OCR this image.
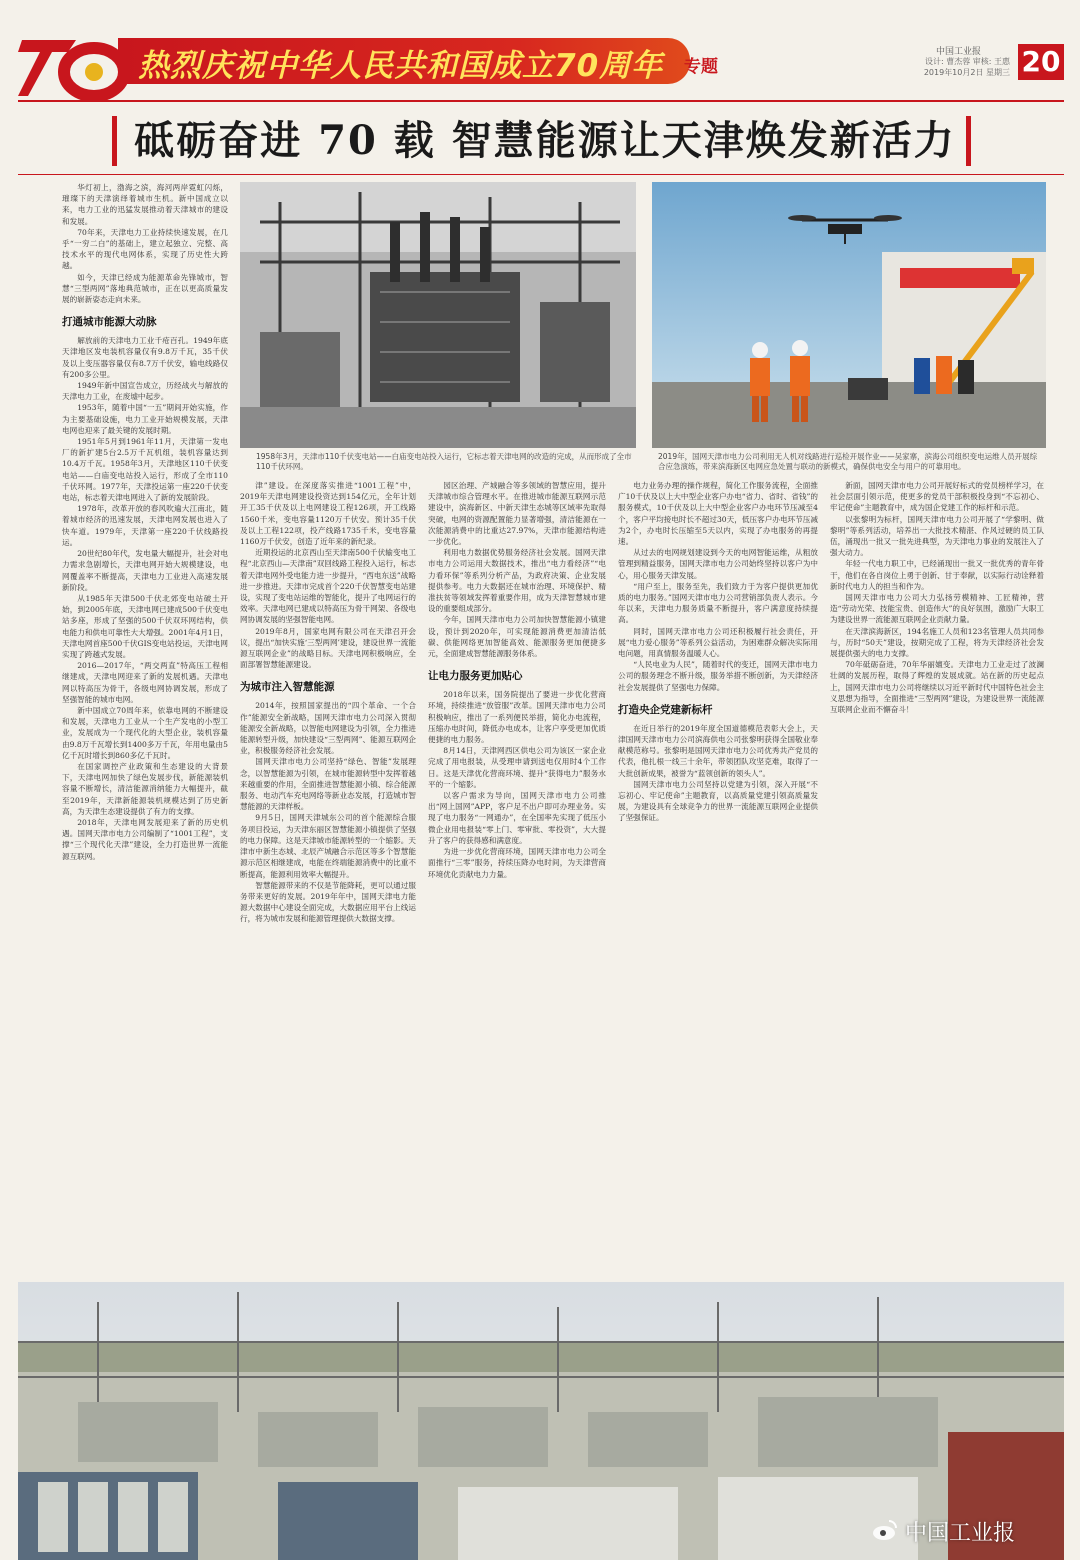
热烈庆祝中华人民共和国成立70周年 专题
中国工业报
设计: 曹杰蓉 审核: 王惠
2019年10月2日 星期三 20
砥砺奋进 70 载 智慧能源让天津焕发新活力
1958年3月，天津市110千伏变电站——白庙变电站投入运行，它标志着天津电网的改造的完成，从而形成了全市110千伏环网。
2019年，国网天津市电力公司利用无人机对线路进行巡检开展作业——吴家寨，滨海公司组织变电运维人员开展综合应急演练，带来滨海新区电网应急处置与联动的新模式，确保供电安全与用户的可靠用电。

华灯初上，渤海之滨，海河两岸霓虹闪烁，璀璨下的天津演绎着城市生机。新中国成立以来，电力工业的迅猛发展推动着天津城市的建设和发展。

70年来，天津电力工业持续快速发展，在几乎“一穷二白”的基础上，建立起独立、完整、高技术水平的现代电网体系，实现了历史性大跨越。

如今，天津已经成为能源革命先锋城市，智慧“三型两网”落地典范城市，正在以更高质量发展的崭新姿态走向未来。

打通城市能源大动脉

解放前的天津电力工业千疮百孔。1949年底天津地区发电装机容量仅有9.8万千瓦，35千伏及以上变压器容量仅有8.7万千伏安，输电线路仅有200多公里。

1949年新中国宣告成立，历经战火与解放的天津电力工业，在废墟中起步。

1953年，随着中国“一五”期间开始实施，作为主要基础设施，电力工业开始规模发展，天津电网也迎来了最关键的发展时期。

1951年5月到1961年11月，天津第一发电厂的新扩建5台2.5万千瓦机组，装机容量达到10.4万千瓦。1958年3月，天津地区110千伏变电站——白庙变电站投入运行，形成了全市110千伏环网。1977年，天津投运第一座220千伏变电站，标志着天津电网进入了新的发展阶段。

1978年，改革开放的春风吹遍大江南北，随着城市经济的迅速发展，天津电网发展也进入了快车道。1979年，天津第一座220千伏线路投运。

20世纪80年代，发电量大幅提升，社会对电力需求急剧增长，天津电网开始大规模建设，电网覆盖率不断提高，天津电力工业进入高速发展新阶段。

从1985年天津500千伏北郊变电站破土开始，到2005年底，天津电网已建成500千伏变电站多座，形成了坚强的500千伏双环网结构，供电能力和供电可靠性大大增强。2001年4月1日，天津电网首座500千伏GIS变电站投运，天津电网实现了跨越式发展。

2016—2017年，“两交两直”特高压工程相继建成，天津电网迎来了新的发展机遇。天津电网以特高压为骨干，各级电网协调发展，形成了坚强智能的城市电网。

新中国成立70周年来，依靠电网的不断建设和发展，天津电力工业从一个生产发电的小型工业，发展成为一个现代化的大型企业，装机容量由9.8万千瓦增长到1400多万千瓦，年用电量由5亿千瓦时增长到860多亿千瓦时。

在国家调控产业政策和生态建设的大背景下，天津电网加快了绿色发展步伐，新能源装机容量不断增长，清洁能源消纳能力大幅提升，截至2019年，天津新能源装机规模达到了历史新高，为天津生态建设提供了有力的支撑。

2018年，天津电网发展迎来了新的历史机遇。国网天津市电力公司编制了“1001工程”，支撑“三个现代化天津”建设，全力打造世界一流能源互联网。

津”建设。在深度落实推进“1001工程”中，2019年天津电网建设投资达到154亿元，全年计划开工35千伏及以上电网建设工程126项，开工线路1560千米，变电容量1120万千伏安。预计35千伏及以上工程122项，投产线路1735千米，变电容量1160万千伏安，创造了近年来的新纪录。

近期投运的北京西山至天津南500千伏输变电工程“北京西山—天津南”双回线路工程投入运行，标志着天津电网外受电能力进一步提升，“西电东送”战略进一步推进。天津市完成首个220千伏智慧变电站建设，实现了变电站运维的智能化，提升了电网运行的效率。天津电网已建成以特高压为骨干网架、各级电网协调发展的坚强智能电网。

2019年8月，国家电网有限公司在天津召开会议，提出“加快实施‘三型两网’建设，建设世界一流能源互联网企业”的战略目标。天津电网积极响应，全面部署智慧能源建设。

为城市注入智慧能源

2014年，按照国家提出的“四个革命、一个合作”能源安全新战略，国网天津市电力公司深入贯彻能源安全新战略，以智能电网建设为引领，全力推进能源转型升级，加快建设“三型两网”、能源互联网企业，积极服务经济社会发展。

国网天津市电力公司坚持“绿色、智能”发展理念，以智慧能源为引领，在城市能源转型中发挥着越来越重要的作用，全面推进智慧能源小镇、综合能源服务、电动汽车充电网络等新业态发展，打造城市智慧能源的天津样板。

9月5日，国网天津城东公司的首个能源综合服务项目投运，为天津东丽区智慧能源小镇提供了坚强的电力保障。这是天津城市能源转型的一个缩影。天津市中新生态城、北辰产城融合示范区等多个智慧能源示范区相继建成，电能在终端能源消费中的比重不断提高，能源利用效率大幅提升。

智慧能源带来的不仅是节能降耗，更可以通过服务带来更好的发展。2019年年中，国网天津电力能源大数据中心建设全面完成，大数据应用平台上线运行，将为城市发展和能源管理提供大数据支撑。

园区治理、产城融合等多领域的智慧应用，提升天津城市综合管理水平。在推进城市能源互联网示范建设中，滨海新区、中新天津生态城等区域率先取得突破，电网的资源配置能力显著增强，清洁能源在一次能源消费中的比重达27.97%，天津市能源结构进一步优化。

利用电力数据优势服务经济社会发展。国网天津市电力公司运用大数据技术，推出“电力看经济”“电力看环保”等系列分析产品，为政府决策、企业发展提供参考。电力大数据还在城市治理、环境保护、精准扶贫等领域发挥着重要作用，成为天津智慧城市建设的重要组成部分。

今年，国网天津市电力公司加快智慧能源小镇建设，预计到2020年，可实现能源消费更加清洁低碳、供能网络更加智能高效、能源服务更加便捷多元，全面建成智慧能源服务体系。

让电力服务更加贴心

2018年以来，国务院提出了要进一步优化营商环境，持续推进“放管服”改革。国网天津市电力公司积极响应，推出了一系列便民举措，简化办电流程，压缩办电时间，降低办电成本，让客户享受更加优质便捷的电力服务。

8月14日，天津网西区供电公司为该区一家企业完成了用电报装，从受理申请到送电仅用时4个工作日。这是天津优化营商环境、提升“获得电力”服务水平的一个缩影。

以客户需求为导向，国网天津市电力公司推出“网上国网”APP，客户足不出户即可办理业务。实现了电力服务“一网通办”，在全国率先实现了低压小微企业用电报装“零上门、零审批、零投资”，大大提升了客户的获得感和满意度。

为进一步优化营商环境，国网天津市电力公司全面推行“三零”服务，持续压降办电时间，为天津营商环境优化贡献电力力量。

电力业务办理的操作规程，简化工作服务流程，全面推广10千伏及以上大中型企业客户办电“省力、省时、省钱”的服务模式，10千伏及以上大中型企业客户办电环节压减至4个，客户平均接电时长不超过30天，低压客户办电环节压减为2个，办电时长压缩至5天以内，实现了办电服务的再提速。

从过去的电网规划建设到今天的电网智能运维，从粗放管理到精益服务，国网天津市电力公司始终坚持以客户为中心，用心服务天津发展。

“用户至上，服务至先，我们致力于为客户提供更加优质的电力服务。”国网天津市电力公司营销部负责人表示。今年以来，天津电力服务质量不断提升，客户满意度持续提高。

同时，国网天津市电力公司还积极履行社会责任，开展“电力爱心服务”等系列公益活动，为困难群众解决实际用电问题，用真情服务温暖人心。

“人民电业为人民”，随着时代的变迁，国网天津市电力公司的服务理念不断升级，服务举措不断创新，为天津经济社会发展提供了坚强电力保障。

打造央企党建新标杆

在近日举行的2019年度全国道德模范表彰大会上，天津国网天津市电力公司滨海供电公司张黎明获得全国敬业奉献模范称号。张黎明是国网天津市电力公司优秀共产党员的代表，他扎根一线三十余年，带领团队攻坚克难，取得了一大批创新成果，被誉为“蓝领创新的领头人”。

国网天津市电力公司坚持以党建为引领，深入开展“不忘初心、牢记使命”主题教育，以高质量党建引领高质量发展，为建设具有全球竞争力的世界一流能源互联网企业提供了坚强保证。

新面，国网天津市电力公司开展好标式的党员榜样学习，在社会层面引领示范，使更多的党员干部积极投身到“不忘初心、牢记使命”主题教育中，成为国企党建工作的标杆和示范。

以张黎明为标杆，国网天津市电力公司开展了“学黎明、做黎明”等系列活动，培养出一大批技术精湛、作风过硬的员工队伍，涌现出一批又一批先进典型，为天津电力事业的发展注入了强大动力。

年轻一代电力职工中，已经涌现出一批又一批优秀的青年骨干，他们在各自岗位上勇于创新、甘于奉献，以实际行动诠释着新时代电力人的担当和作为。

国网天津市电力公司大力弘扬劳模精神、工匠精神，营造“劳动光荣、技能宝贵、创造伟大”的良好氛围，激励广大职工为建设世界一流能源互联网企业贡献力量。

在天津滨海新区，194名施工人员和123名管理人员共同参与，历时“50天”建设，按期完成了工程，将为天津经济社会发展提供强大的电力支撑。

70年砥砺奋进，70年华丽嬗变。天津电力工业走过了波澜壮阔的发展历程，取得了辉煌的发展成就。站在新的历史起点上，国网天津市电力公司将继续以习近平新时代中国特色社会主义思想为指导，全面推进“三型两网”建设，为建设世界一流能源互联网企业而不懈奋斗！

中国工业报
